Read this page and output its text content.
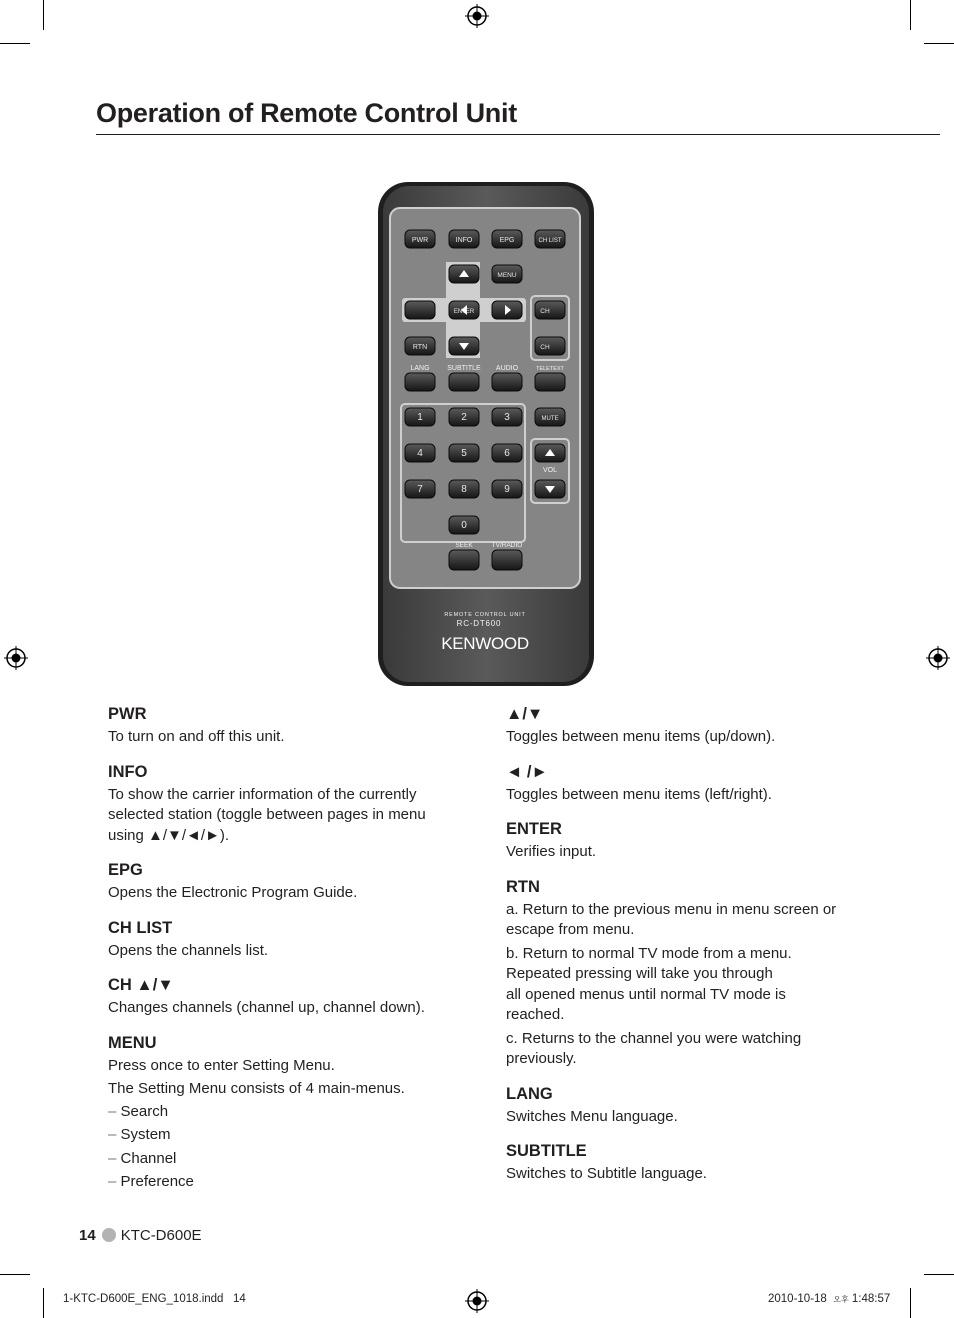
Operation of Remote Control Unit
PWR	INFO	EPG	CH LIST
MENU
ENTER	CH
CH
RTN
1	2	3
4	5	6
7	8	9
0
MUTE
LANG	SUBTITLE AUDIO	TELETEXT
VOL
SEEK	TV/RADIO
REMOTE CONTROL UNIT
RC-DT600
KENWOOD
PWR
To turn on and off this unit.
INFO
To show the carrier information of the currently
selected station (toggle between pages in menu
using ▲/▼/◄/►).
EPG
Opens the Electronic Program Guide.
CH LIST
Opens the channels list.
CH ▲/▼
Changes channels (channel up, channel down).
MENU
Press once to enter Setting Menu.
The Setting Menu consists of 4 main-menus.
– Search
– System
– Channel
– Preference
▲/▼
Toggles between menu items (up/down).
◄ /►
Toggles between menu items (left/right).
ENTER
Verifies input.
RTN
a. Return to the previous menu in menu screen or
escape from menu.
b. Return to normal TV mode from a menu.
Repeated pressing will take you through
all opened menus until normal TV mode is
reached.
c. Returns to the channel you were watching
previously.
LANG
Switches Menu language.
SUBTITLE
Switches to Subtitle language.
14 KTC-D600E
1-KTC-D600E_ENG_1018.indd   14	2010-10-18 오후 1:48:57
